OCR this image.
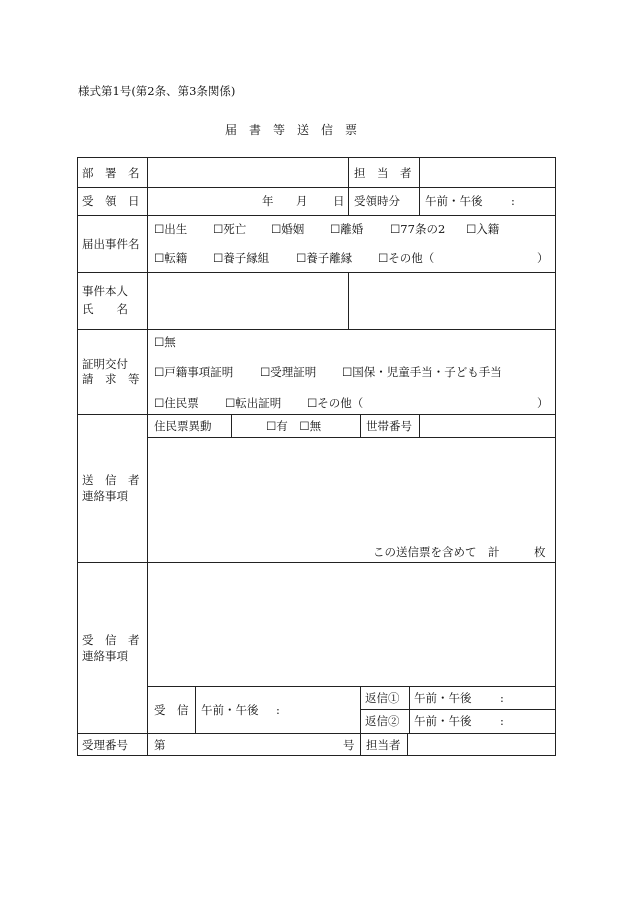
様式第1号(第2条、第3条関係)
届　書　等　送　信　票
部　署　名	担　当　者
受　領　日	年 月 日 受領時分 午前・午後 :
届出事件名
☐出生 ☐死亡 ☐婚姻 ☐離婚 ☐77条の2 ☐入籍
☐転籍 ☐養子縁組 ☐養子離縁 ☐その他（	）
事件本人
氏　　名
証明交付
請　求　等
☐無
☐戸籍事項証明 ☐受理証明 ☐国保・児童手当・子ども手当
☐住民票 ☐転出証明 ☐その他（	）
住民票異動	☐有　☐無	世帯番号
送　信　者
連絡事項
この送信票を含めて　計　　　枚
受　信　者
連絡事項
受　信 午前・午後 :
返信① 午前・午後 :
返信② 午前・午後 :
受理番号 第	号 担当者
